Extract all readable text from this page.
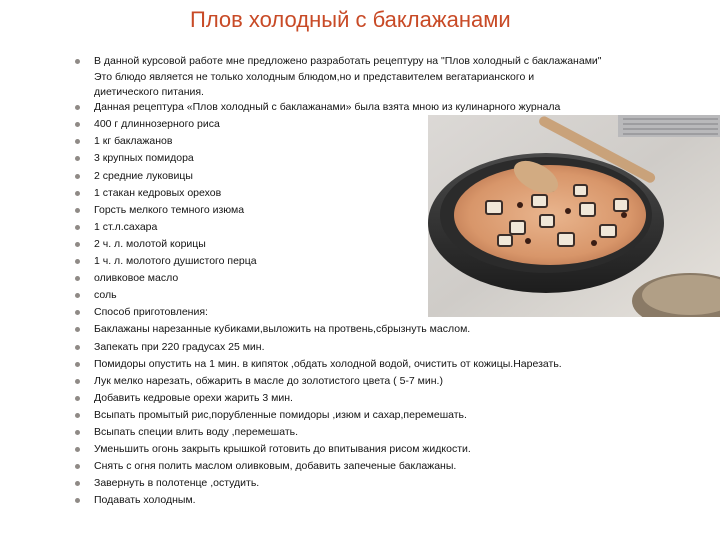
Плов холодный с баклажанами
В данной курсовой работе мне предложено разработать рецептуру на "Плов холодный с баклажанами"
Это блюдо является не только холодным блюдом,но и представителем вегатарианского и
диетического питания.
Данная рецептура «Плов холодный с баклажанами» была взята мною из кулинарного журнала
400 г длиннозерного риса
1 кг баклажанов
3 крупных помидора
2 средние луковицы
1 стакан кедровых орехов
Горсть мелкого темного изюма
1 ст.л.сахара
2 ч. л. молотой корицы
1 ч. л. молотого душистого перца
оливковое масло
соль
Способ приготовления:
Баклажаны нарезанные кубиками,выложить на протвень,сбрызнуть маслом.
Запекать при 220 градусах 25 мин.
Помидоры опустить на 1 мин. в кипяток ,обдать холодной водой, очистить от кожицы.Нарезать.
Лук мелко нарезать, обжарить в масле до золотистого цвета ( 5-7 мин.)
Добавить кедровые орехи жарить 3 мин.
Всыпать промытый рис,порубленные помидоры ,изюм и сахар,перемешать.
Всыпать специи влить воду ,перемешать.
Уменьшить огонь закрыть крышкой готовить до впитывания рисом жидкости.
Снять с огня полить маслом оливковым, добавить запеченые баклажаны.
Завернуть в полотенце ,остудить.
Подавать холодным.
